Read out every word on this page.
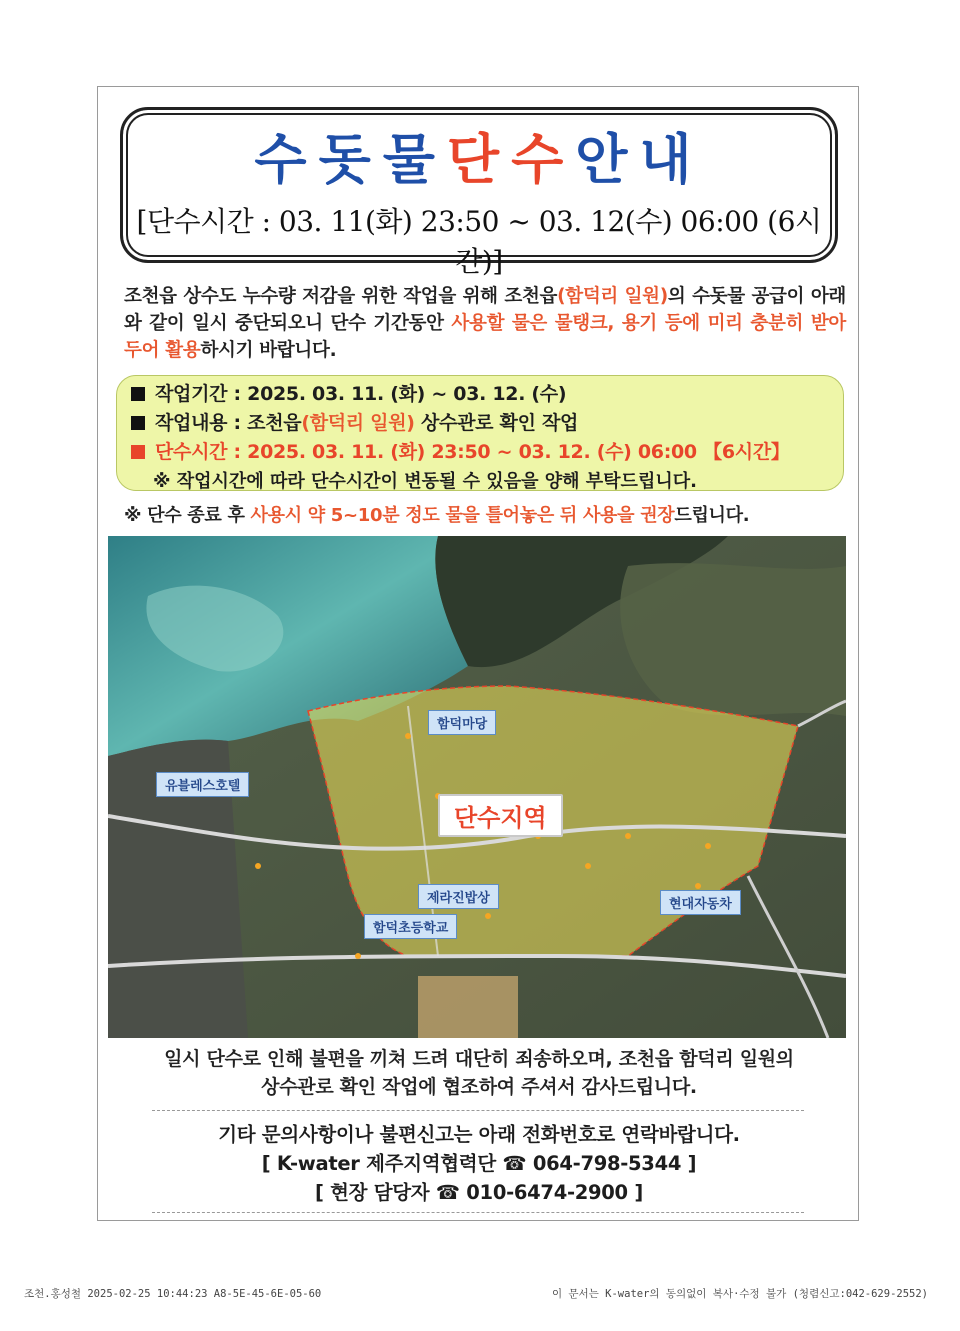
수돗물단수안내
[단수시간 : 03. 11(화) 23:50 ~ 03. 12(수) 06:00 (6시간)]
조천읍 상수도 누수량 저감을 위한 작업을 위해 조천읍(함덕리 일원)의 수돗물 공급이 아래와 같이 일시 중단되오니 단수 기간동안 사용할 물은 물탱크, 용기 등에 미리 충분히 받아 두어 활용하시기 바랍니다.
작업기간 : 2025. 03. 11. (화) ~ 03. 12. (수)
작업내용 : 조천읍(함덕리 일원) 상수관로 확인 작업
단수시간 : 2025. 03. 11. (화) 23:50 ~ 03. 12. (수) 06:00 【6시간】
※ 작업시간에 따라 단수시간이 변동될 수 있음을 양해 부탁드립니다.
※ 단수 종료 후 사용시 약 5~10분 정도 물을 틀어놓은 뒤 사용을 권장드립니다.
함덕마당
유블레스호텔
단수지역
제라진밥상
함덕초등학교
현대자동차
일시 단수로 인해 불편을 끼쳐 드려 대단히 죄송하오며, 조천읍 함덕리 일원의
상수관로 확인 작업에 협조하여 주셔서 감사드립니다.
기타 문의사항이나 불편신고는 아래 전화번호로 연락바랍니다.
[ K-water 제주지역협력단 ☎ 064-798-5344 ]
[ 현장 담당자 ☎ 010-6474-2900 ]
조천.홍성철 2025-02-25 10:44:23 A8-5E-45-6E-05-60	이 문서는 K-water의 동의없이 복사·수정 불가 (청렴신고:042-629-2552)
